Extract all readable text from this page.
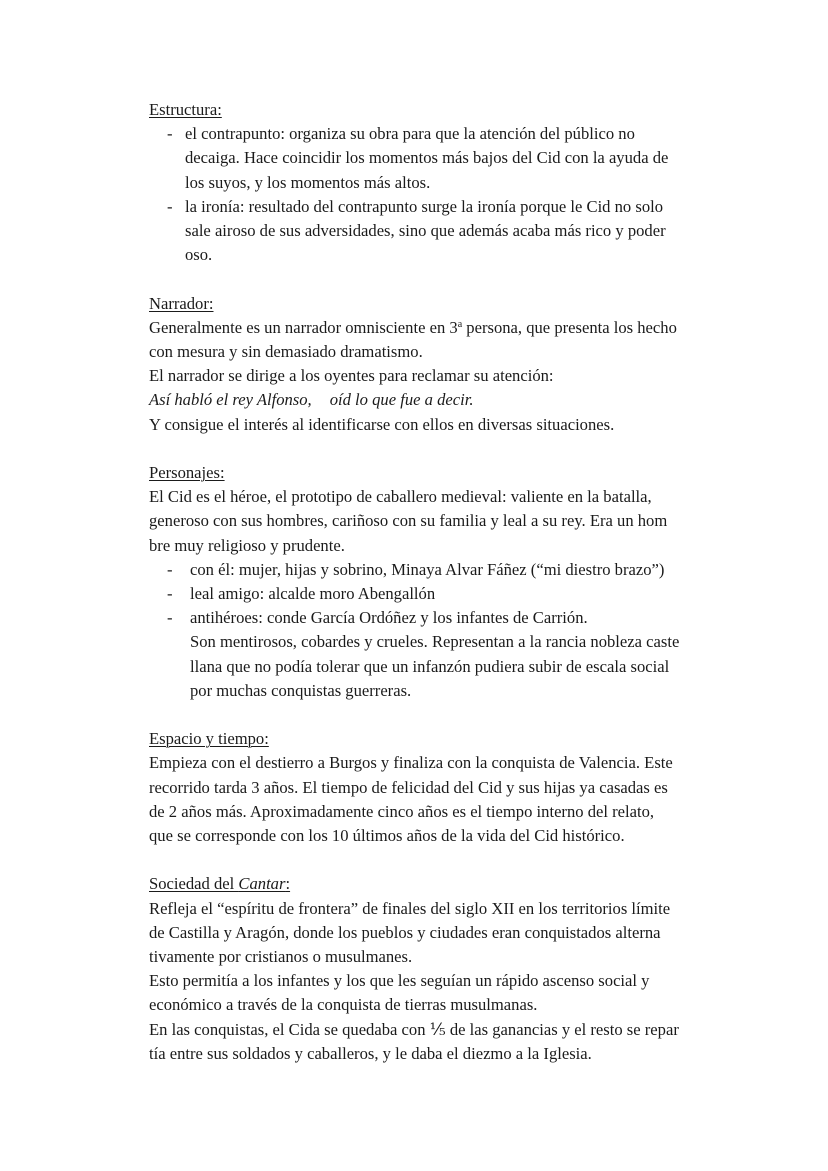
Estructura:

- el contrapunto: organiza su obra para que la atención del público no
decaiga. Hace coincidir los momentos más bajos del Cid con la ayuda de
los suyos, y los momentos más altos.
- la ironía: resultado del contrapunto surge la ironía porque le Cid no solo
sale airoso de sus adversidades, sino que además acaba más rico y poder
oso.

Narrador:

Generalmente es un narrador omnisciente en 3$^a$ persona, que presenta los hecho
con mesura y sin demasiado dramatismo.
El narrador se dirige a los oyentes para reclamar su atención:
Así habló el rey Alfonso, oíd lo que fue a decir.
Y consigue el interés al identificarse con ellos en diversas situaciones.

Personajes:

El Cid es el héroe, el prototipo de caballero medieval: valiente en la batalla,
generoso con sus hombres, cariñoso con su familia y leal a su rey. Era un hom
bre muy religioso y prudente.

- con él: mujer, hijas y sobrino, Minaya Alvar Fáñez (“mi diestro brazo”)
- leal amigo: alcalde moro Abengallón
- antihéroes: conde García Ordóñez y los infantes de Carrión.

Son mentirosos, cobardes y crueles. Representan a la rancia nobleza caste
llana que no podía tolerar que un infanzón pudiera subir de escala social
por muchas conquistas guerreras.

Espacio y tiempo:

Empieza con el destierro a Burgos y finaliza con la conquista de Valencia. Este
recorrido tarda 3 años. El tiempo de felicidad del Cid y sus hijas ya casadas es
de 2 años más. Aproximadamente cinco años es el tiempo interno del relato,
que se corresponde con los 10 últimos años de la vida del Cid histórico.

Sociedad del Cantar:

Refleja el “espíritu de frontera” de finales del siglo XII en los territorios límite
de Castilla y Aragón, donde los pueblos y ciudades eran conquistados alterna
tivamente por cristianos o musulmanes.
Esto permitía a los infantes y los que les seguían un rápido ascenso social y
económico a través de la conquista de tierras musulmanas.
En las conquistas, el Cida se quedaba con ⅕ de las ganancias y el resto se repar
tía entre sus soldados y caballeros, y le daba el diezmo a la Iglesia.
